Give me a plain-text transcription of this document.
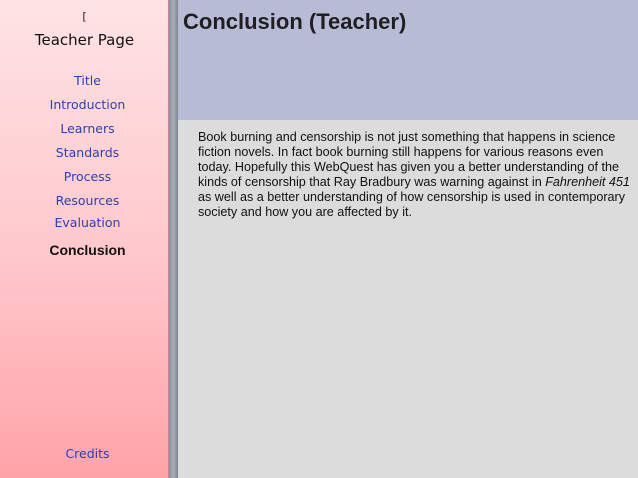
[
Teacher Page
Title
Introduction
Learners
Standards
Process
Resources
Evaluation
Conclusion
Credits
Conclusion (Teacher)

Book burning and censorship is not just something that happens in science fiction novels. In fact book burning still happens for various reasons even today. Hopefully this WebQuest has given you a better understanding of the kinds of censorship that Ray Bradbury was warning against in Fahrenheit 451 as well as a better understanding of how censorship is used in contemporary society and how you are affected by it.
